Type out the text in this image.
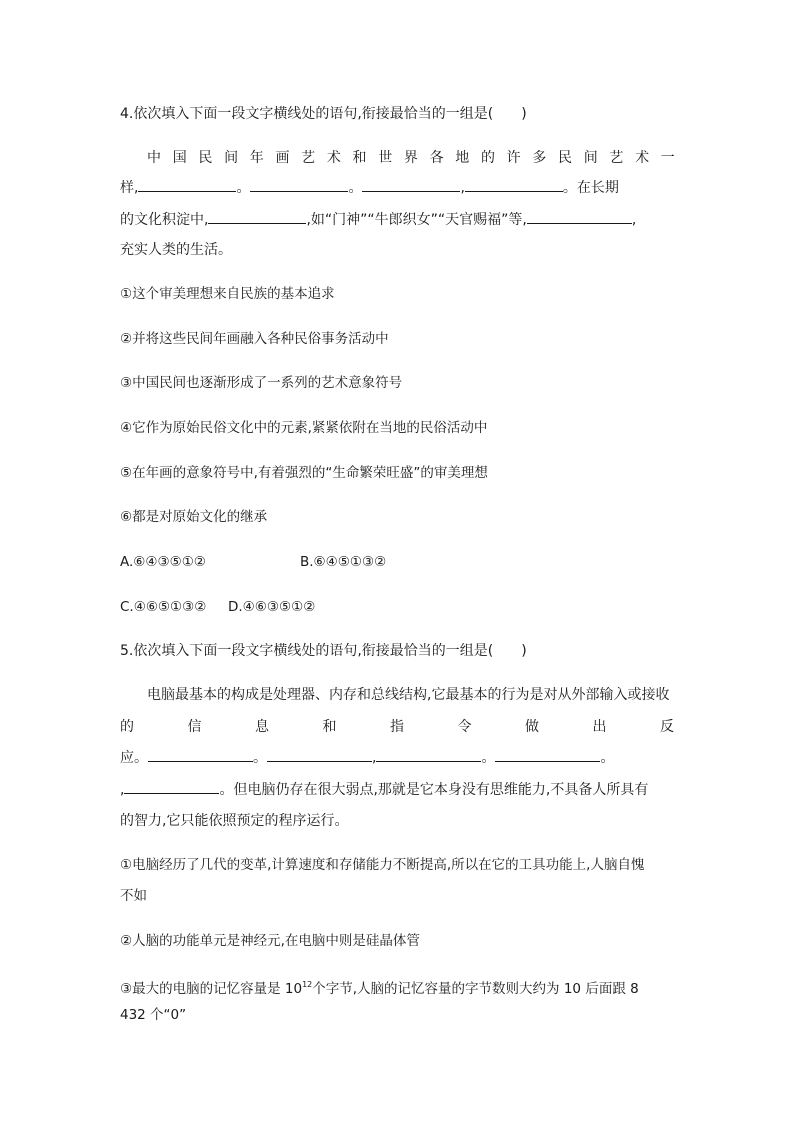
4.依次填入下面一段文字横线处的语句,衔接最恰当的一组是(　　)
中 国 民 间 年 画 艺 术 和 世 界 各 地 的 许 多 民 间 艺 术 一
样,	。	。	,	。在长期
的文化积淀中,	,如“门神”“牛郎织女”“天官赐福”等,	,
充实人类的生活。
①这个审美理想来自民族的基本追求
②并将这些民间年画融入各种民俗事务活动中
③中国民间也逐渐形成了一系列的艺术意象符号
④它作为原始民俗文化中的元素,紧紧依附在当地的民俗活动中
⑤在年画的意象符号中,有着强烈的“生命繁荣旺盛”的审美理想
⑥都是对原始文化的继承
A.⑥④③⑤①②	B.⑥④⑤①③②
C.④⑥⑤①③② D.④⑥③⑤①②
5.依次填入下面一段文字横线处的语句,衔接最恰当的一组是(　　)
电脑最基本的构成是处理器、内存和总线结构,它最基本的行为是对从外部输入或接收
的	信	息	和	指	令	做	出	反
应。	。	,	。	。
,	。但电脑仍存在很大弱点,那就是它本身没有思维能力,不具备人所具有
的智力,它只能依照预定的程序运行。
①电脑经历了几代的变革,计算速度和存储能力不断提高,所以在它的工具功能上,人脑自愧
不如
②人脑的功能单元是神经元,在电脑中则是硅晶体管
③最大的电脑的记忆容量是 $10^{12}$个字节,人脑的记忆容量的字节数则大约为 10 后面跟 8
432 个“0”
